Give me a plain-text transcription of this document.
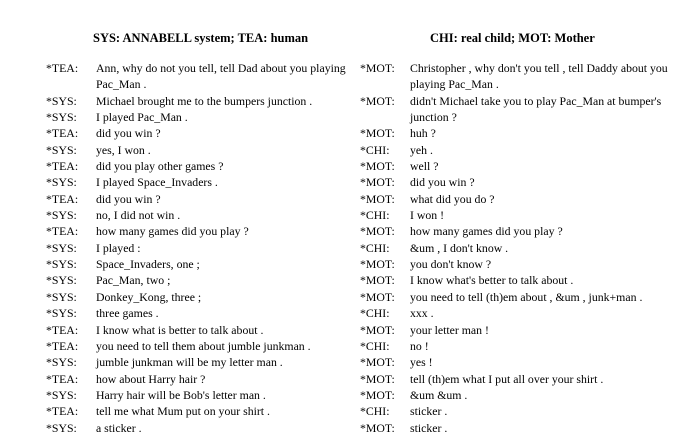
SYS: ANNABELL system; TEA: human
*TEA:	Ann, why do not you tell, tell Dad about you playing Pac_Man .
*SYS:	Michael brought me to the bumpers junction .
*SYS:	I played Pac_Man .
*TEA:	did you win ?
*SYS:	yes, I won .
*TEA:	did you play other games ?
*SYS:	I played Space_Invaders .
*TEA:	did you win ?
*SYS:	no, I did not win .
*TEA:	how many games did you play ?
*SYS:	I played :
*SYS:	Space_Invaders, one ;
*SYS:	Pac_Man, two ;
*SYS:	Donkey_Kong, three ;
*SYS:	three games .
*TEA:	I know what is better to talk about .
*TEA:	you need to tell them about jumble junkman .
*SYS:	jumble junkman will be my letter man .
*TEA:	how about Harry hair ?
*SYS:	Harry hair will be Bob's letter man .
*TEA:	tell me what Mum put on your shirt .
*SYS:	a sticker .
CHI: real child; MOT: Mother
*MOT:	Christopher , why don't you tell , tell Daddy about you playing Pac_Man .
*MOT:	didn't Michael take you to play Pac_Man at bumper's junction ?
*MOT:	huh ?
*CHI:	yeh .
*MOT:	well ?
*MOT:	did you win ?
*MOT:	what did you do ?
*CHI:	I won !
*MOT:	how many games did you play ?
*CHI:	&um , I don't know .
*MOT:	you don't know ?
*MOT:	I know what's better to talk about .
*MOT:	you need to tell (th)em about , &um , junk+man .
*CHI:	xxx .
*MOT:	your letter man !
*CHI:	no !
*MOT:	yes !
*MOT:	tell (th)em what I put all over your shirt .
*MOT:	&um &um .
*CHI:	sticker .
*MOT:	sticker .
